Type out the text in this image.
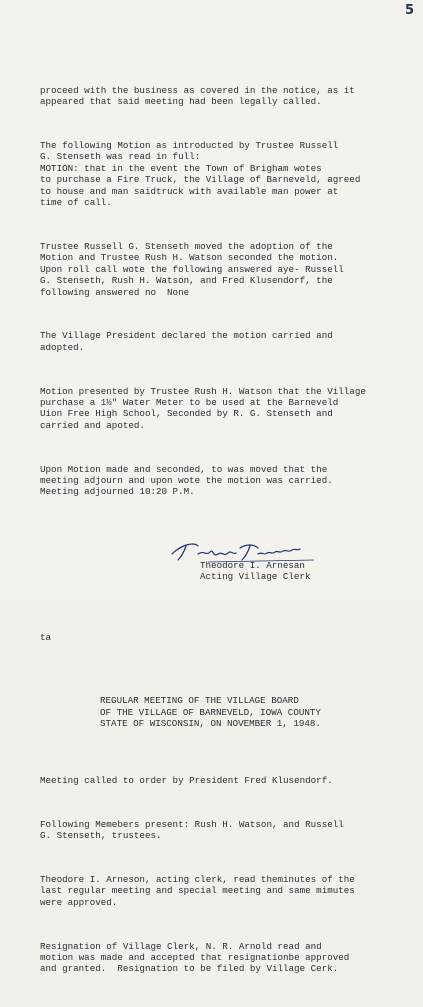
5

proceed with the business as covered in the notice, as it
appeared that said meeting had been legally called.

The following Motion as introducted by Trustee Russell
G. Stenseth was read in full:
MOTION: that in the event the Town of Brigham wotes
to purchase a Fire Truck, the Village of Barneveld, agreed
to house and man saidtruck with available man power at
time of call.

Trustee Russell G. Stenseth moved the adoption of the
Motion and Trustee Rush H. Watson seconded the motion.
Upon roll call wote the following answered aye- Russell
G. Stenseth, Rush H. Watson, and Fred Klusendorf, the
following answered no  None

The Village President declared the motion carried and
adopted.

Motion presented by Trustee Rush H. Watson that the Village
purchase a 1½" Water Meter to be used at the Barneveld
Uion Free High School, Seconded by R. G. Stenseth and
carried and apoted.

Upon Motion made and seconded, to was moved that the
meeting adjourn and upon wote the motion was carried.
Meeting adjourned 10:20 P.M.

Theodore I. Arnesan

Acting Village Clerk

ta

REGULAR MEETING OF THE VILLAGE BOARD
OF THE VILLAGE OF BARNEVELD, IOWA COUNTY
STATE OF WISCONSIN, ON NOVEMBER 1, 1948.

Meeting called to order by President Fred Klusendorf.

Following Memebers present: Rush H. Watson, and Russell
G. Stenseth, trustees.

Theodore I. Arneson, acting clerk, read theminutes of the
last regular meeting and special meeting and same mimutes
were approved.

Resignation of Village Clerk, N. R. Arnold read and
motion was made and accepted that resignationbe approved
and granted.  Resignation to be filed by Village Cerk.
